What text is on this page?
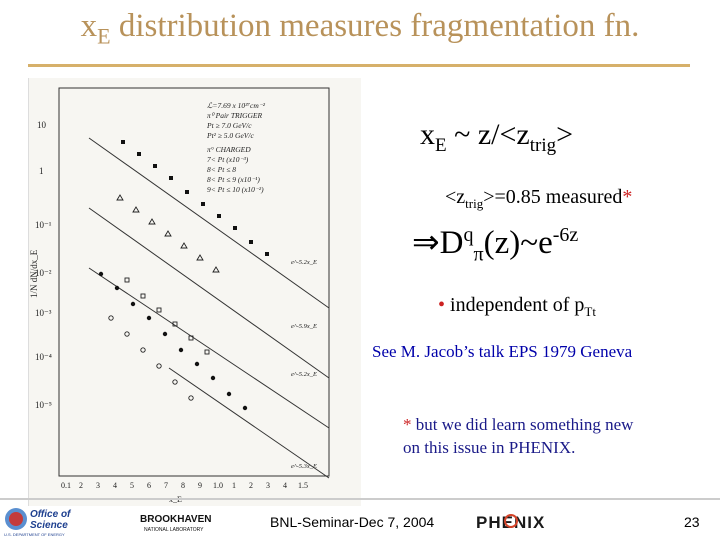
$x_E$ distribution measures fragmentation fn.
10
1
10⁻¹
10⁻²
10⁻³
10⁻⁴
10⁻⁵
1/N dN/dx_E
ℒ=7.69 x 10³⁷cm⁻²
π⁰ Pair TRIGGER
Pt ≥ 7.0 GeV/c
Pt² ≥ 5.0 GeV/c
π° CHARGED
7< Pt (x10⁻³)
8< Pt ≤ 8
8< Pt ≤ 9 (x10⁻¹)
9< Pt ≤ 10 (x10⁻²)
e^-5.2x_E
e^-5.9x_E
e^-5.2x_E
e^-5.3x_E
0.1 2 3 4 5 6 7 8 9 1.0 1 2 3 4 1.5
$x_E$ ~ $z/<z_{trig}>$
$<z_{trig}>=0.85$ measured*
$\Rightarrow D^q_\pi(z)\sim e^{-6z}$
• independent of $p_{Tt}$
See M. Jacob’s talk EPS 1979 Geneva
* but we did learn something new
on this issue in PHENIX.
Office of
Science
U.S. DEPARTMENT OF ENERGY
BROOKHAVEN
NATIONAL LABORATORY	BNL-Seminar-Dec 7, 2004 PHENIX	23
